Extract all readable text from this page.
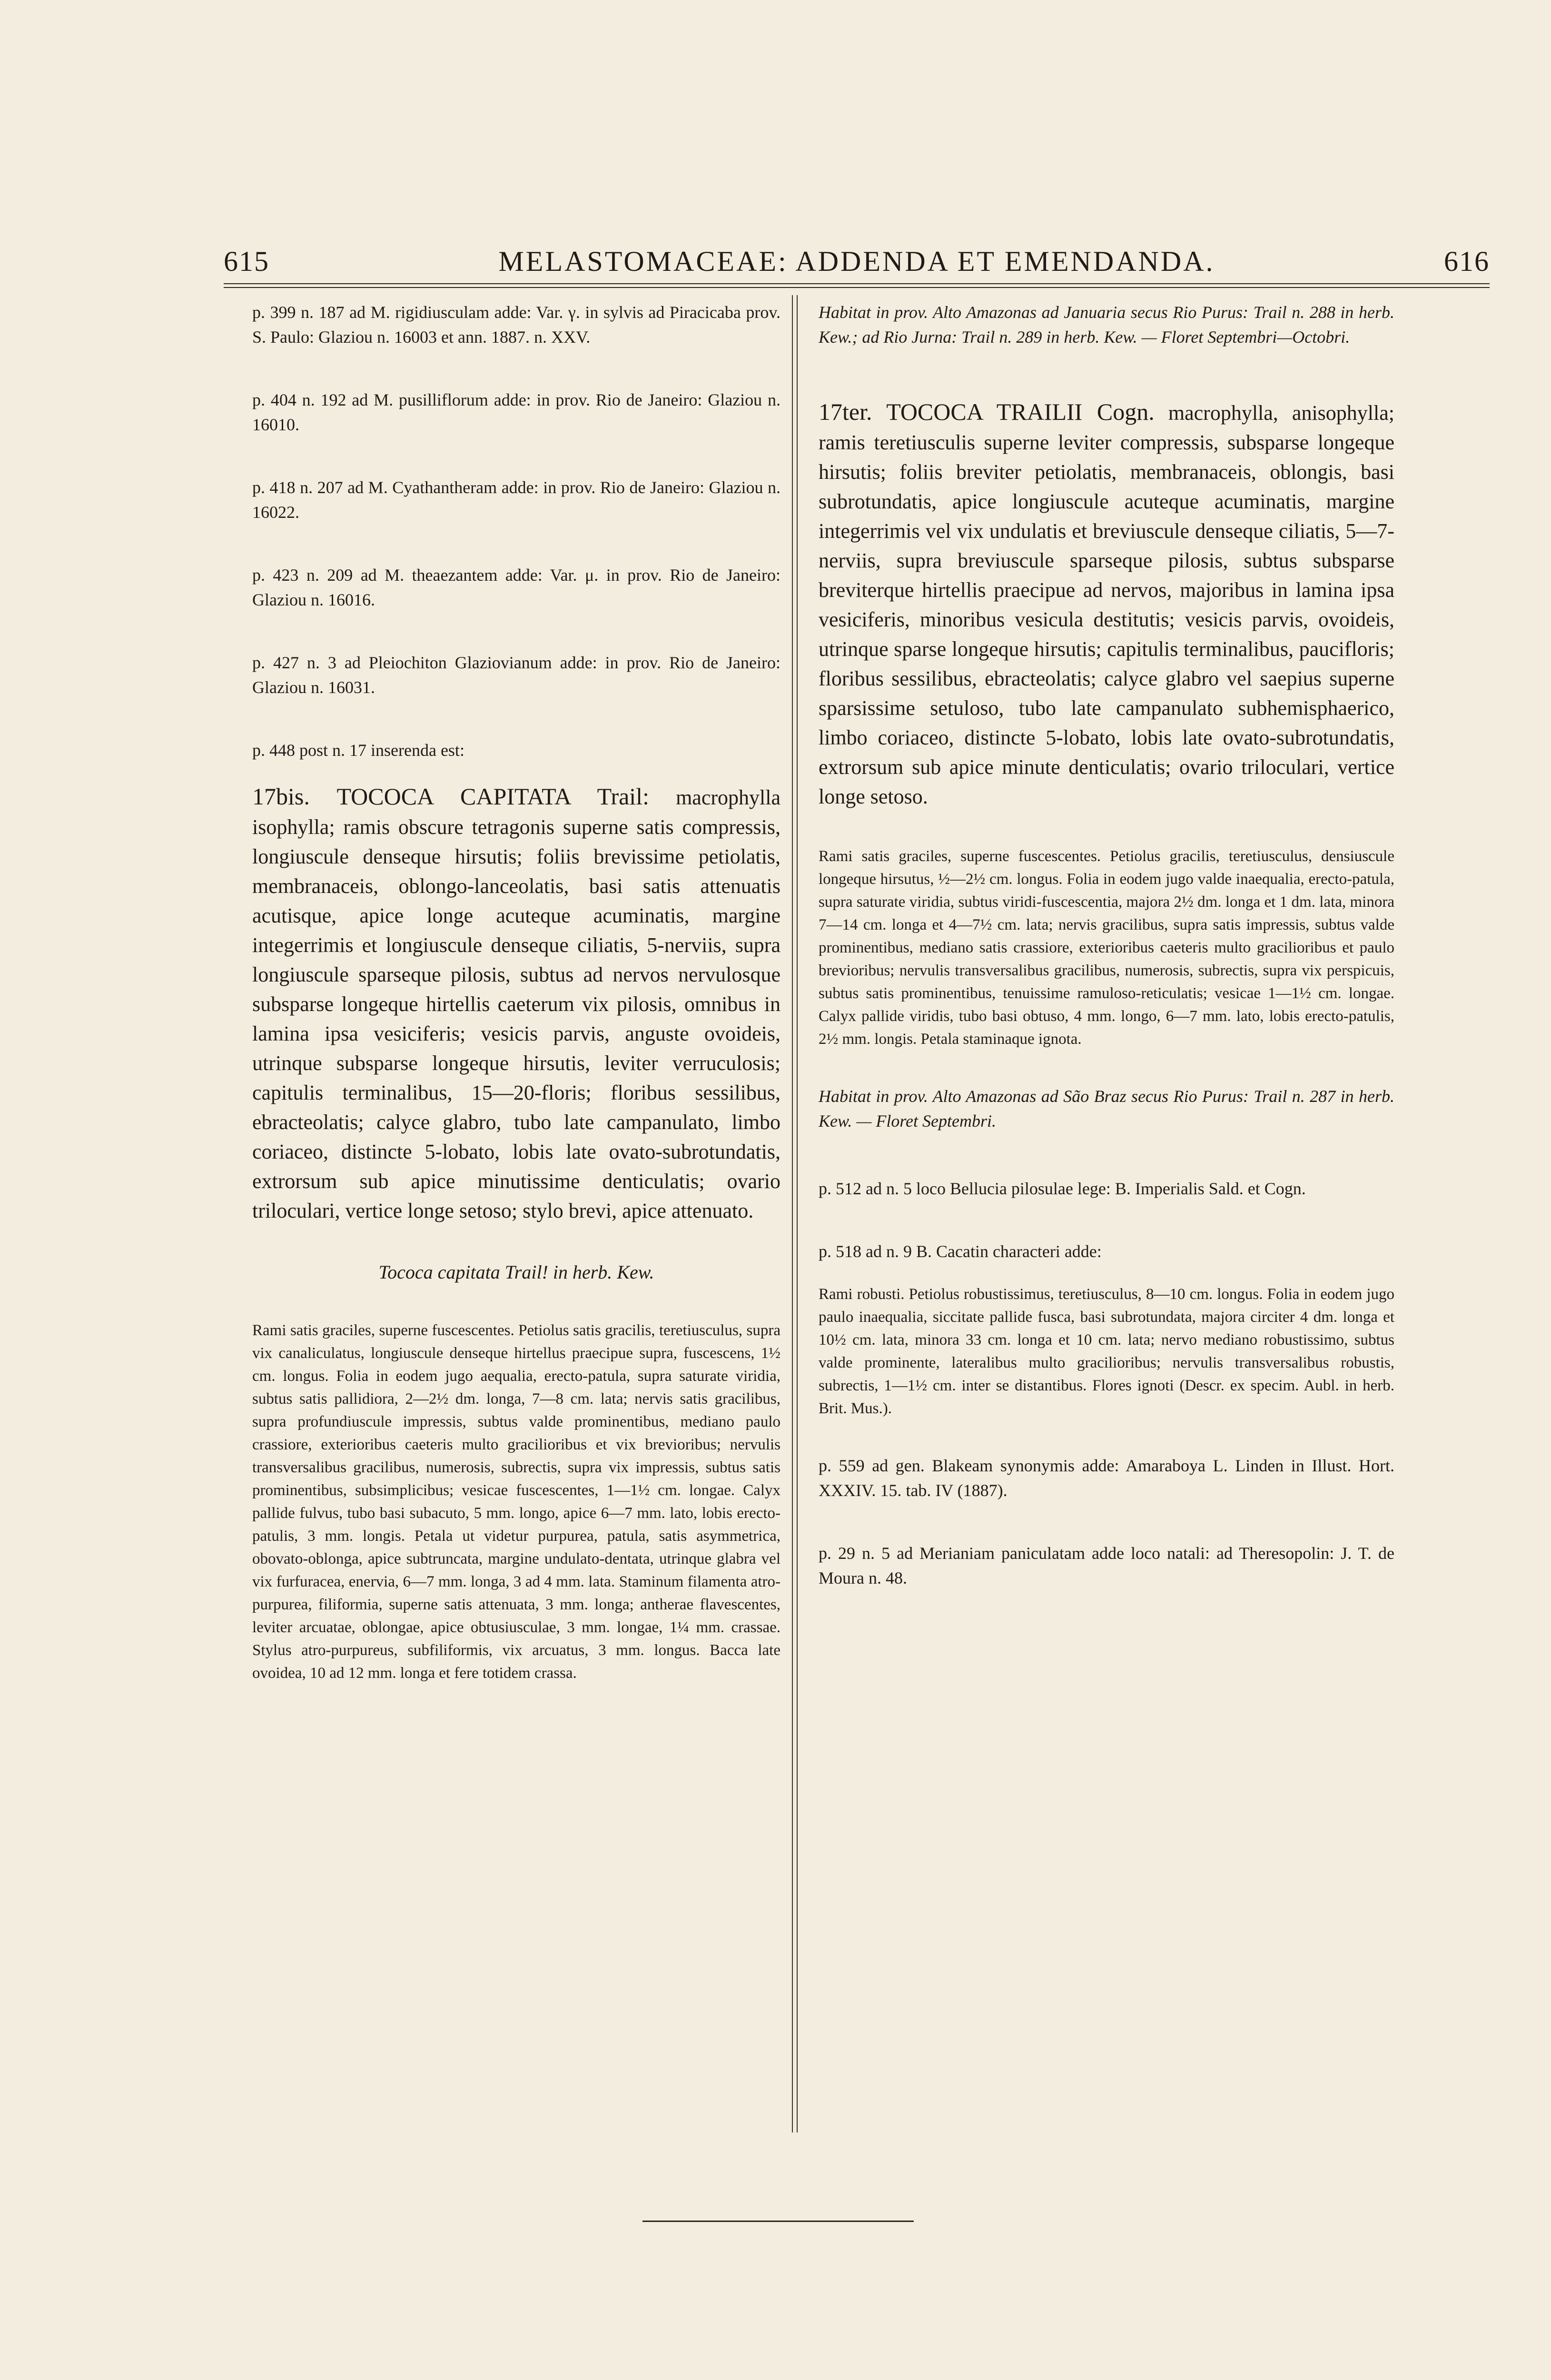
615	MELASTOMACEAE: ADDENDA ET EMENDANDA.	616

p. 399 n. 187 ad M. rigidiusculam adde: Var. γ. in sylvis ad Piracicaba prov. S. Paulo: Glaziou n. 16003 et ann. 1887. n. XXV.

p. 404 n. 192 ad M. pusilliflorum adde: in prov. Rio de Janeiro: Glaziou n. 16010.

p. 418 n. 207 ad M. Cyathantheram adde: in prov. Rio de Janeiro: Glaziou n. 16022.

p. 423 n. 209 ad M. theaezantem adde: Var. μ. in prov. Rio de Janeiro: Glaziou n. 16016.

p. 427 n. 3 ad Pleiochiton Glaziovianum adde: in prov. Rio de Janeiro: Glaziou n. 16031.

p. 448 post n. 17 inserenda est:

17bis. TOCOCA CAPITATA Trail: macrophylla isophylla; ramis obscure tetragonis superne satis compressis, longiuscule denseque hirsutis; foliis brevissime petiolatis, membranaceis, oblongo-lanceolatis, basi satis attenuatis acutisque, apice longe acuteque acuminatis, margine integerrimis et longiuscule denseque ciliatis, 5-nerviis, supra longiuscule sparseque pilosis, subtus ad nervos nervulosque subsparse longeque hirtellis caeterum vix pilosis, omnibus in lamina ipsa vesiciferis; vesicis parvis, anguste ovoideis, utrinque subsparse longeque hirsutis, leviter verruculosis; capitulis terminalibus, 15—20-floris; floribus sessilibus, ebracteolatis; calyce glabro, tubo late campanulato, limbo coriaceo, distincte 5-lobato, lobis late ovato-subrotundatis, extrorsum sub apice minutissime denticulatis; ovario triloculari, vertice longe setoso; stylo brevi, apice attenuato.

Tococa capitata Trail! in herb. Kew.

Rami satis graciles, superne fuscescentes. Petiolus satis gracilis, teretiusculus, supra vix canaliculatus, longiuscule denseque hirtellus praecipue supra, fuscescens, 1½ cm. longus. Folia in eodem jugo aequalia, erecto-patula, supra saturate viridia, subtus satis pallidiora, 2—2½ dm. longa, 7—8 cm. lata; nervis satis gracilibus, supra profundiuscule impressis, subtus valde prominentibus, mediano paulo crassiore, exterioribus caeteris multo gracilioribus et vix brevioribus; nervulis transversalibus gracilibus, numerosis, subrectis, supra vix impressis, subtus satis prominentibus, subsimplicibus; vesicae fuscescentes, 1—1½ cm. longae. Calyx pallide fulvus, tubo basi subacuto, 5 mm. longo, apice 6—7 mm. lato, lobis erecto-patulis, 3 mm. longis. Petala ut videtur purpurea, patula, satis asymmetrica, obovato-oblonga, apice subtruncata, margine undulato-dentata, utrinque glabra vel vix furfuracea, enervia, 6—7 mm. longa, 3 ad 4 mm. lata. Staminum filamenta atro-purpurea, filiformia, superne satis attenuata, 3 mm. longa; antherae flavescentes, leviter arcuatae, oblongae, apice obtusiusculae, 3 mm. longae, 1¼ mm. crassae. Stylus atro-purpureus, subfiliformis, vix arcuatus, 3 mm. longus. Bacca late ovoidea, 10 ad 12 mm. longa et fere totidem crassa.

Habitat in prov. Alto Amazonas ad Januaria secus Rio Purus: Trail n. 288 in herb. Kew.; ad Rio Jurna: Trail n. 289 in herb. Kew. — Floret Septembri—Octobri.

17ter. TOCOCA TRAILII Cogn. macrophylla, anisophylla; ramis teretiusculis superne leviter compressis, subsparse longeque hirsutis; foliis breviter petiolatis, membranaceis, oblongis, basi subrotundatis, apice longiuscule acuteque acuminatis, margine integerrimis vel vix undulatis et breviuscule denseque ciliatis, 5—7-nerviis, supra breviuscule sparseque pilosis, subtus subsparse breviterque hirtellis praecipue ad nervos, majoribus in lamina ipsa vesiciferis, minoribus vesicula destitutis; vesicis parvis, ovoideis, utrinque sparse longeque hirsutis; capitulis terminalibus, paucifloris; floribus sessilibus, ebracteolatis; calyce glabro vel saepius superne sparsissime setuloso, tubo late campanulato subhemisphaerico, limbo coriaceo, distincte 5-lobato, lobis late ovato-subrotundatis, extrorsum sub apice minute denticulatis; ovario triloculari, vertice longe setoso.

Rami satis graciles, superne fuscescentes. Petiolus gracilis, teretiusculus, densiuscule longeque hirsutus, ½—2½ cm. longus. Folia in eodem jugo valde inaequalia, erecto-patula, supra saturate viridia, subtus viridi-fuscescentia, majora 2½ dm. longa et 1 dm. lata, minora 7—14 cm. longa et 4—7½ cm. lata; nervis gracilibus, supra satis impressis, subtus valde prominentibus, mediano satis crassiore, exterioribus caeteris multo gracilioribus et paulo brevioribus; nervulis transversalibus gracilibus, numerosis, subrectis, supra vix perspicuis, subtus satis prominentibus, tenuissime ramuloso-reticulatis; vesicae 1—1½ cm. longae. Calyx pallide viridis, tubo basi obtuso, 4 mm. longo, 6—7 mm. lato, lobis erecto-patulis, 2½ mm. longis. Petala staminaque ignota.

Habitat in prov. Alto Amazonas ad São Braz secus Rio Purus: Trail n. 287 in herb. Kew. — Floret Septembri.

p. 512 ad n. 5 loco Bellucia pilosulae lege: B. Imperialis Sald. et Cogn.

p. 518 ad n. 9 B. Cacatin characteri adde:

Rami robusti. Petiolus robustissimus, teretiusculus, 8—10 cm. longus. Folia in eodem jugo paulo inaequalia, siccitate pallide fusca, basi subrotundata, majora circiter 4 dm. longa et 10½ cm. lata, minora 33 cm. longa et 10 cm. lata; nervo mediano robustissimo, subtus valde prominente, lateralibus multo gracilioribus; nervulis transversalibus robustis, subrectis, 1—1½ cm. inter se distantibus. Flores ignoti (Descr. ex specim. Aubl. in herb. Brit. Mus.).

p. 559 ad gen. Blakeam synonymis adde: Amaraboya L. Linden in Illust. Hort. XXXIV. 15. tab. IV (1887).

p. 29 n. 5 ad Merianiam paniculatam adde loco natali: ad Theresopolin: J. T. de Moura n. 48.
